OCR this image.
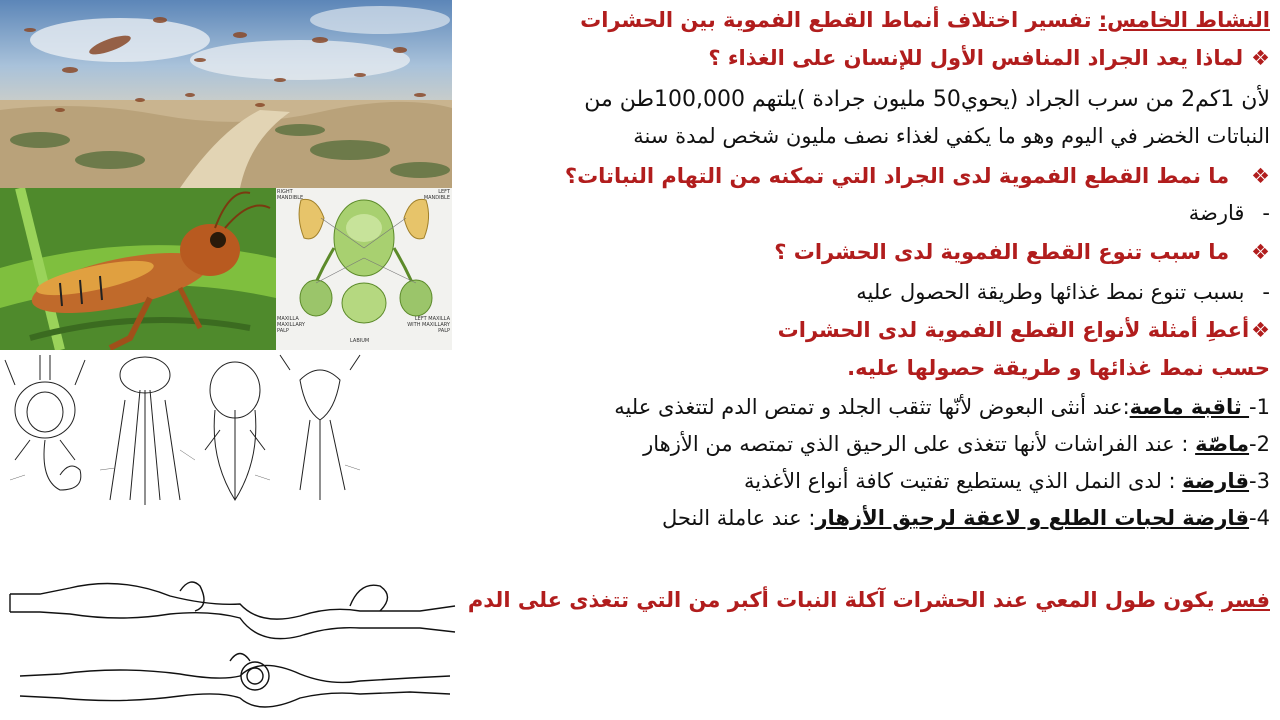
RIGHT MANDIBLE
LEFT MANDIBLE
MAXILLA MAXILLARY PALP
LEFT MAXILLA WITH MAXILLARY PALP
LABIUM
النشاط الخامس: تفسير اختلاف أنماط القطع الفموية بين الحشرات
❖لماذا يعد الجراد المنافس الأول للإنسان على الغذاء ؟
لأن 1كم2 من سرب الجراد (يحوي50 مليون جرادة )يلتهم 100,000طن من
النباتات الخضر في اليوم وهو ما يكفي لغذاء نصف مليون شخص لمدة سنة
❖ما نمط القطع الفموية لدى الجراد التي تمكنه من التهام النباتات؟
-قارضة
❖ما سبب تنوع القطع الفموية لدى الحشرات ؟
-بسبب تنوع نمط غذائها وطريقة الحصول عليه
❖أعطِ أمثلة لأنواع القطع الفموية لدى الحشرات
حسب نمط غذائها و طريقة حصولها عليه.
1- ثاقبة ماصة:عند أنثى البعوض لأنّها تثقب الجلد و تمتص الدم لتتغذى عليه
2-ماصّة : عند الفراشات لأنها تتغذى على الرحيق الذي تمتصه من الأزهار
3-قارضة : لدى النمل الذي يستطيع تفتيت كافة أنواع الأغذية
4-قارضة لحبات الطلع و لاعقة لرحيق الأزهار: عند عاملة النحل
فسر يكون طول المعي عند الحشرات آكلة النبات أكبر من التي تتغذى على الدم
